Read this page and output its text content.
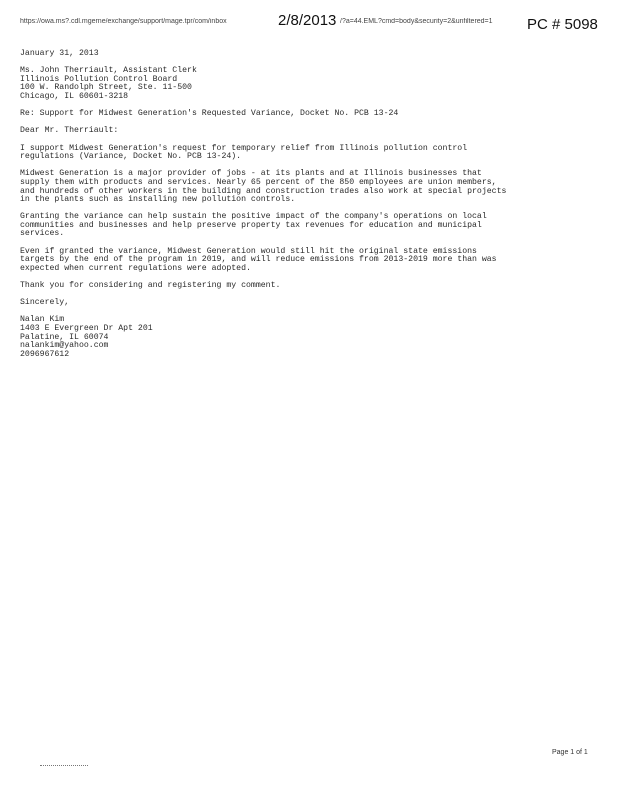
https://owa.ms?.cdl.mgerne/exchange/support/mage.tpr/com/inbox	2/8/2013 /?a=44.EML?cmd=body&security=2&unfiltered=1	PC # 5098

January 31, 2013

Ms. John Therriault, Assistant Clerk
Illinois Pollution Control Board
100 W. Randolph Street, Ste. 11-500
Chicago, IL 60601-3218

Re: Support for Midwest Generation's Requested Variance, Docket No. PCB 13-24

Dear Mr. Therriault:

I support Midwest Generation's request for temporary relief from Illinois pollution control
regulations (Variance, Docket No. PCB 13-24).

Midwest Generation is a major provider of jobs - at its plants and at Illinois businesses that
supply them with products and services. Nearly 65 percent of the 850 employees are union members,
and hundreds of other workers in the building and construction trades also work at special projects
in the plants such as installing new pollution controls.

Granting the variance can help sustain the positive impact of the company's operations on local
communities and businesses and help preserve property tax revenues for education and municipal
services.

Even if granted the variance, Midwest Generation would still hit the original state emissions
targets by the end of the program in 2019, and will reduce emissions from 2013-2019 more than was
expected when current regulations were adopted.

Thank you for considering and registering my comment.

Sincerely,

Nalan Kim
1403 E Evergreen Dr Apt 201
Palatine, IL 60074
nalankim@yahoo.com
2096967612

Page 1 of 1
